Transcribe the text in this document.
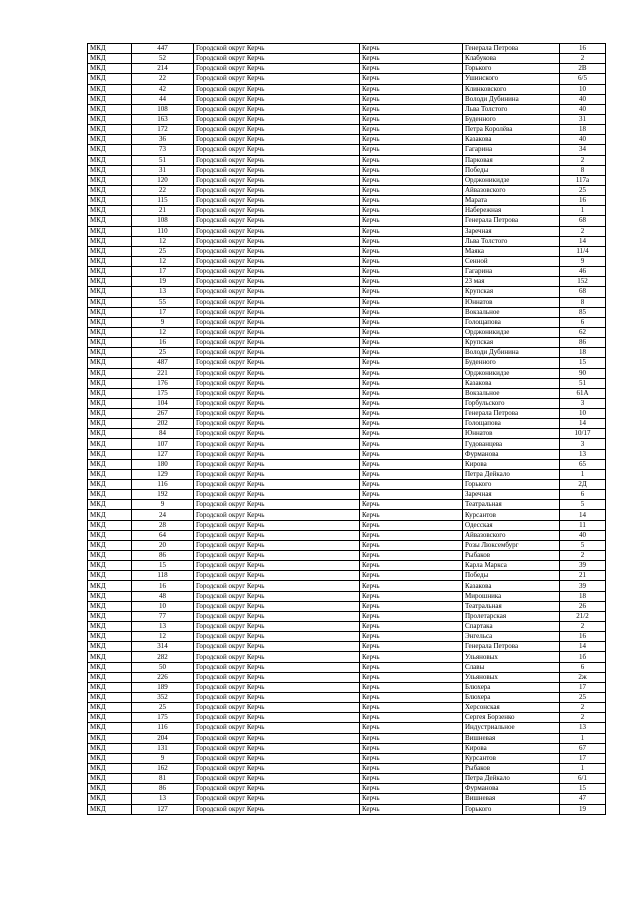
МКД	447	Городской округ Керчь	Керчь	Генерала Петрова	16
МКД	52	Городской округ Керчь	Керчь	Клабукова	2
МКД	214	Городской округ Керчь	Керчь	Горького	2В
МКД	22	Городской округ Керчь	Керчь	Ушинского	6/5
МКД	42	Городской округ Керчь	Керчь	Клинковского	10
МКД	44	Городской округ Керчь	Керчь	Володи Дубинина	40
МКД	108	Городской округ Керчь	Керчь	Льва Толстого	40
МКД	163	Городской округ Керчь	Керчь	Буденного	31
МКД	172	Городской округ Керчь	Керчь	Петра Королёва	18
МКД	36	Городской округ Керчь	Керчь	Казакова	40
МКД	73	Городской округ Керчь	Керчь	Гагарина	34
МКД	51	Городской округ Керчь	Керчь	Парковая	2
МКД	31	Городской округ Керчь	Керчь	Победы	8
МКД	120	Городской округ Керчь	Керчь	Орджоникидзе	117а
МКД	22	Городской округ Керчь	Керчь	Айвазовского	25
МКД	115	Городской округ Керчь	Керчь	Марата	16
МКД	21	Городской округ Керчь	Керчь	Набережная	1
МКД	108	Городской округ Керчь	Керчь	Генерала Петрова	68
МКД	110	Городской округ Керчь	Керчь	Заречная	2
МКД	12	Городской округ Керчь	Керчь	Льва Толстого	14
МКД	25	Городской округ Керчь	Керчь	Маяка	11/4
МКД	12	Городской округ Керчь	Керчь	Сенной	9
МКД	17	Городской округ Керчь	Керчь	Гагарина	46
МКД	19	Городской округ Керчь	Керчь	23 мая	152
МКД	13	Городской округ Керчь	Керчь	Крупская	68
МКД	55	Городской округ Керчь	Керчь	Юннатов	8
МКД	17	Городской округ Керчь	Керчь	Вокзальное	85
МКД	9	Городской округ Керчь	Керчь	Голощапова	6
МКД	12	Городской округ Керчь	Керчь	Орджоникидзе	62
МКД	16	Городской округ Керчь	Керчь	Крупская	86
МКД	25	Городской округ Керчь	Керчь	Володи Дубинина	18
МКД	487	Городской округ Керчь	Керчь	Буденного	15
МКД	221	Городской округ Керчь	Керчь	Орджоникидзе	90
МКД	176	Городской округ Керчь	Керчь	Казакова	51
МКД	175	Городской округ Керчь	Керчь	Вокзальное	61А
МКД	104	Городской округ Керчь	Керчь	Горбульского	3
МКД	267	Городской округ Керчь	Керчь	Генерала Петрова	10
МКД	202	Городской округ Керчь	Керчь	Голощапова	14
МКД	84	Городской округ Керчь	Керчь	Юннатов	10/17
МКД	107	Городской округ Керчь	Керчь	Гудованцева	3
МКД	127	Городской округ Керчь	Керчь	Фурманова	13
МКД	180	Городской округ Керчь	Керчь	Кирова	65
МКД	129	Городской округ Керчь	Керчь	Петра Дейкало	1
МКД	116	Городской округ Керчь	Керчь	Горького	2Д
МКД	192	Городской округ Керчь	Керчь	Заречная	6
МКД	9	Городской округ Керчь	Керчь	Театральная	5
МКД	24	Городской округ Керчь	Керчь	Курсантов	14
МКД	28	Городской округ Керчь	Керчь	Одесская	11
МКД	64	Городской округ Керчь	Керчь	Айвазовского	40
МКД	20	Городской округ Керчь	Керчь	Розы Люксембург	5
МКД	86	Городской округ Керчь	Керчь	Рыбаков	2
МКД	15	Городской округ Керчь	Керчь	Карла Маркса	39
МКД	118	Городской округ Керчь	Керчь	Победы	21
МКД	16	Городской округ Керчь	Керчь	Казакова	39
МКД	48	Городской округ Керчь	Керчь	Мирошника	18
МКД	10	Городской округ Керчь	Керчь	Театральная	26
МКД	77	Городской округ Керчь	Керчь	Пролетарская	21/2
МКД	13	Городской округ Керчь	Керчь	Спартака	2
МКД	12	Городской округ Керчь	Керчь	Энгельса	16
МКД	314	Городской округ Керчь	Керчь	Генерала Петрова	14
МКД	282	Городской округ Керчь	Керчь	Ульяновых	1б
МКД	50	Городской округ Керчь	Керчь	Славы	6
МКД	226	Городской округ Керчь	Керчь	Ульяновых	2ж
МКД	189	Городской округ Керчь	Керчь	Блюхера	17
МКД	352	Городской округ Керчь	Керчь	Блюхера	25
МКД	25	Городской округ Керчь	Керчь	Херсонская	2
МКД	175	Городской округ Керчь	Керчь	Сергея Борзенко	2
МКД	116	Городской округ Керчь	Керчь	Индустриальное	13
МКД	204	Городской округ Керчь	Керчь	Вишневая	1
МКД	131	Городской округ Керчь	Керчь	Кирова	67
МКД	9	Городской округ Керчь	Керчь	Курсантов	17
МКД	162	Городской округ Керчь	Керчь	Рыбаков	1
МКД	81	Городской округ Керчь	Керчь	Петра Дейкало	6/1
МКД	86	Городской округ Керчь	Керчь	Фурманова	15
МКД	13	Городской округ Керчь	Керчь	Вишневая	47
МКД	127	Городской округ Керчь	Керчь	Горького	19
